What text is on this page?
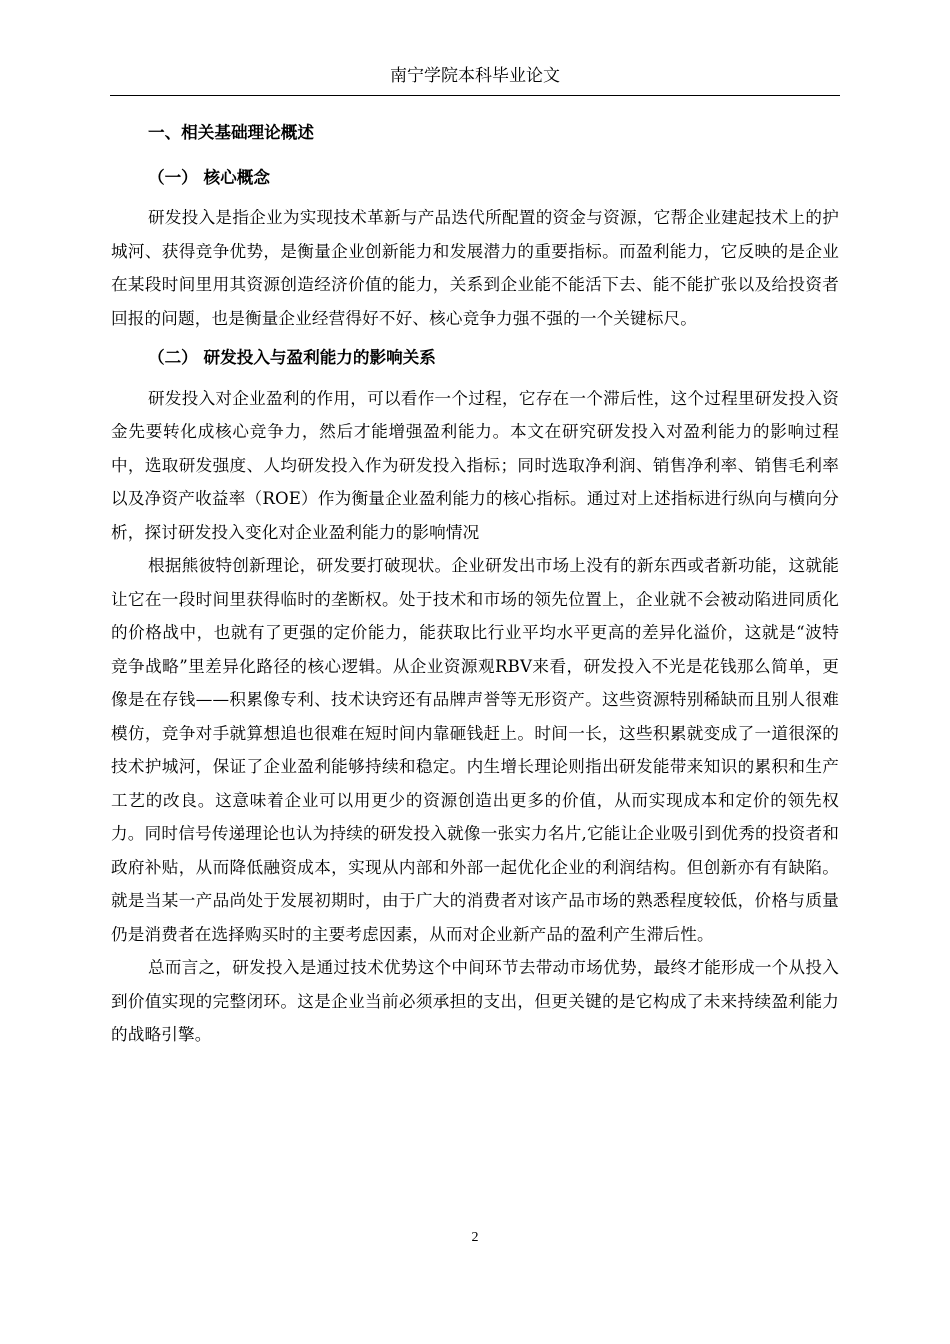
南宁学院本科毕业论文

一、相关基础理论概述

（一） 核心概念

研发投入是指企业为实现技术革新与产品迭代所配置的资金与资源，它帮企业建起技术上的护城河、获得竞争优势，是衡量企业创新能力和发展潜力的重要指标。而盈利能力，它反映的是企业在某段时间里用其资源创造经济价值的能力，关系到企业能不能活下去、能不能扩张以及给投资者回报的问题，也是衡量企业经营得好不好、核心竞争力强不强的一个关键标尺。

（二） 研发投入与盈利能力的影响关系

研发投入对企业盈利的作用，可以看作一个过程，它存在一个滞后性，这个过程里研发投入资金先要转化成核心竞争力，然后才能增强盈利能力。本文在研究研发投入对盈利能力的影响过程中，选取研发强度、人均研发投入作为研发投入指标；同时选取净利润、销售净利率、销售毛利率以及净资产收益率（ROE）作为衡量企业盈利能力的核心指标。通过对上述指标进行纵向与横向分析，探讨研发投入变化对企业盈利能力的影响情况

根据熊彼特创新理论，研发要打破现状。企业研发出市场上没有的新东西或者新功能，这就能让它在一段时间里获得临时的垄断权。处于技术和市场的领先位置上，企业就不会被动陷进同质化的价格战中，也就有了更强的定价能力，能获取比行业平均水平更高的差异化溢价，这就是“波特竞争战略”里差异化路径的核心逻辑。从企业资源观RBV来看，研发投入不光是花钱那么简单，更像是在存钱——积累像专利、技术诀窍还有品牌声誉等无形资产。这些资源特别稀缺而且别人很难模仿，竞争对手就算想追也很难在短时间内靠砸钱赶上。时间一长，这些积累就变成了一道很深的技术护城河，保证了企业盈利能够持续和稳定。内生增长理论则指出研发能带来知识的累积和生产工艺的改良。这意味着企业可以用更少的资源创造出更多的价值，从而实现成本和定价的领先权力。同时信号传递理论也认为持续的研发投入就像一张实力名片,它能让企业吸引到优秀的投资者和政府补贴，从而降低融资成本，实现从内部和外部一起优化企业的利润结构。但创新亦有有缺陷。就是当某一产品尚处于发展初期时，由于广大的消费者对该产品市场的熟悉程度较低，价格与质量仍是消费者在选择购买时的主要考虑因素，从而对企业新产品的盈利产生滞后性。

总而言之，研发投入是通过技术优势这个中间环节去带动市场优势，最终才能形成一个从投入到价值实现的完整闭环。这是企业当前必须承担的支出，但更关键的是它构成了未来持续盈利能力的战略引擎。

2
